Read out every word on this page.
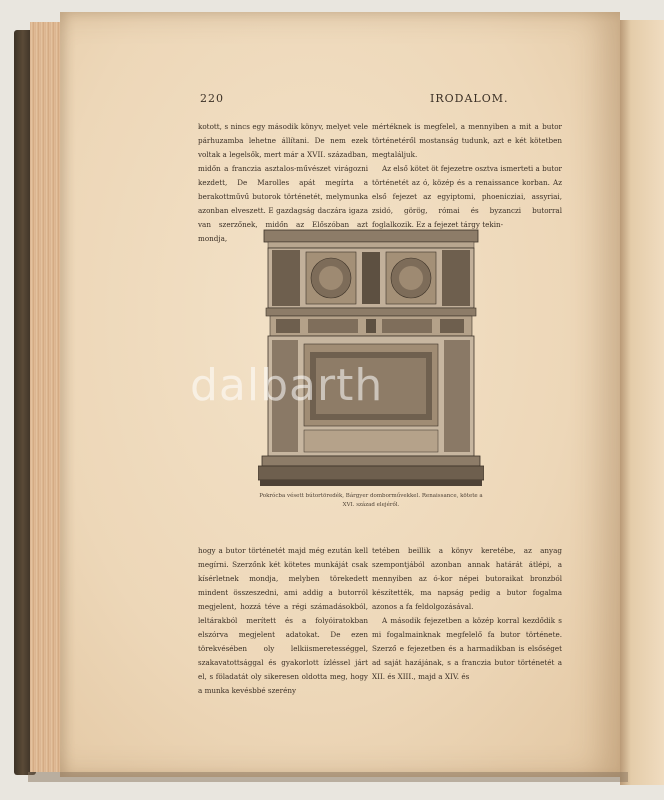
220	IRODALOM.

kotott, s nincs egy második könyv, melyet vele párhuzamba lehetne állítani. De nem ezek voltak a legelsők, mert már a XVII. században, midőn a franczia asztalos-művészet virágozni kezdett, De Marolles apát megírta a berakottművű butorok történetét, melymunka azonban elveszett. E gazdagság daczára igaza van szerzőnek, midőn az Előszóban azt mondja,

mértéknek is megfelel, a mennyiben a mit a butor történetéről mostanság tudunk, azt e két kötetben megtaláljuk.

Az első kötet öt fejezetre osztva ismerteti a butor történetét az ó, közép és a renaissance korban. Az első fejezet az egyiptomi, phoenicziai, assyriai, zsidó, görög, római és byzanczi butorral foglalkozik. Ez a fejezet tárgy tekin-

Pokrócba vésett bútortöredék, Bárgyer domborművekkel. Renaissance, kötete a XVI. század elejéről.

hogy a butor történetét majd még ezután kell megírni. Szerzőnk két kötetes munkáját csak kísérletnek mondja, melyben törekedett mindent összeszedni, ami addig a butorról megjelent, hozzá téve a régi számadásokból, leltárakból merített és a folyóiratokban elszórva megjelent adatokat. De ezen törekvésében oly lelkiismeretességgel, szakavatottsággal és gyakorlott ízléssel járt el, s föladatát oly sikeresen oldotta meg, hogy a munka kevésbbé szerény

tetében beillik a könyv keretébe, az anyag szempontjából azonban annak határát átlépi, a mennyiben az ó-kor népei butoraikat bronzból készítették, ma napság pedig a butor fogalma azonos a fa feldolgozásával.

A második fejezetben a közép korral kezdődik s mi fogalmainknak megfelelő fa butor története. Szerző e fejezetben és a harmadikban is elsőséget ad saját hazájának, s a franczia butor történetét a XII. és XIII., majd a XIV. és

dalbarth
